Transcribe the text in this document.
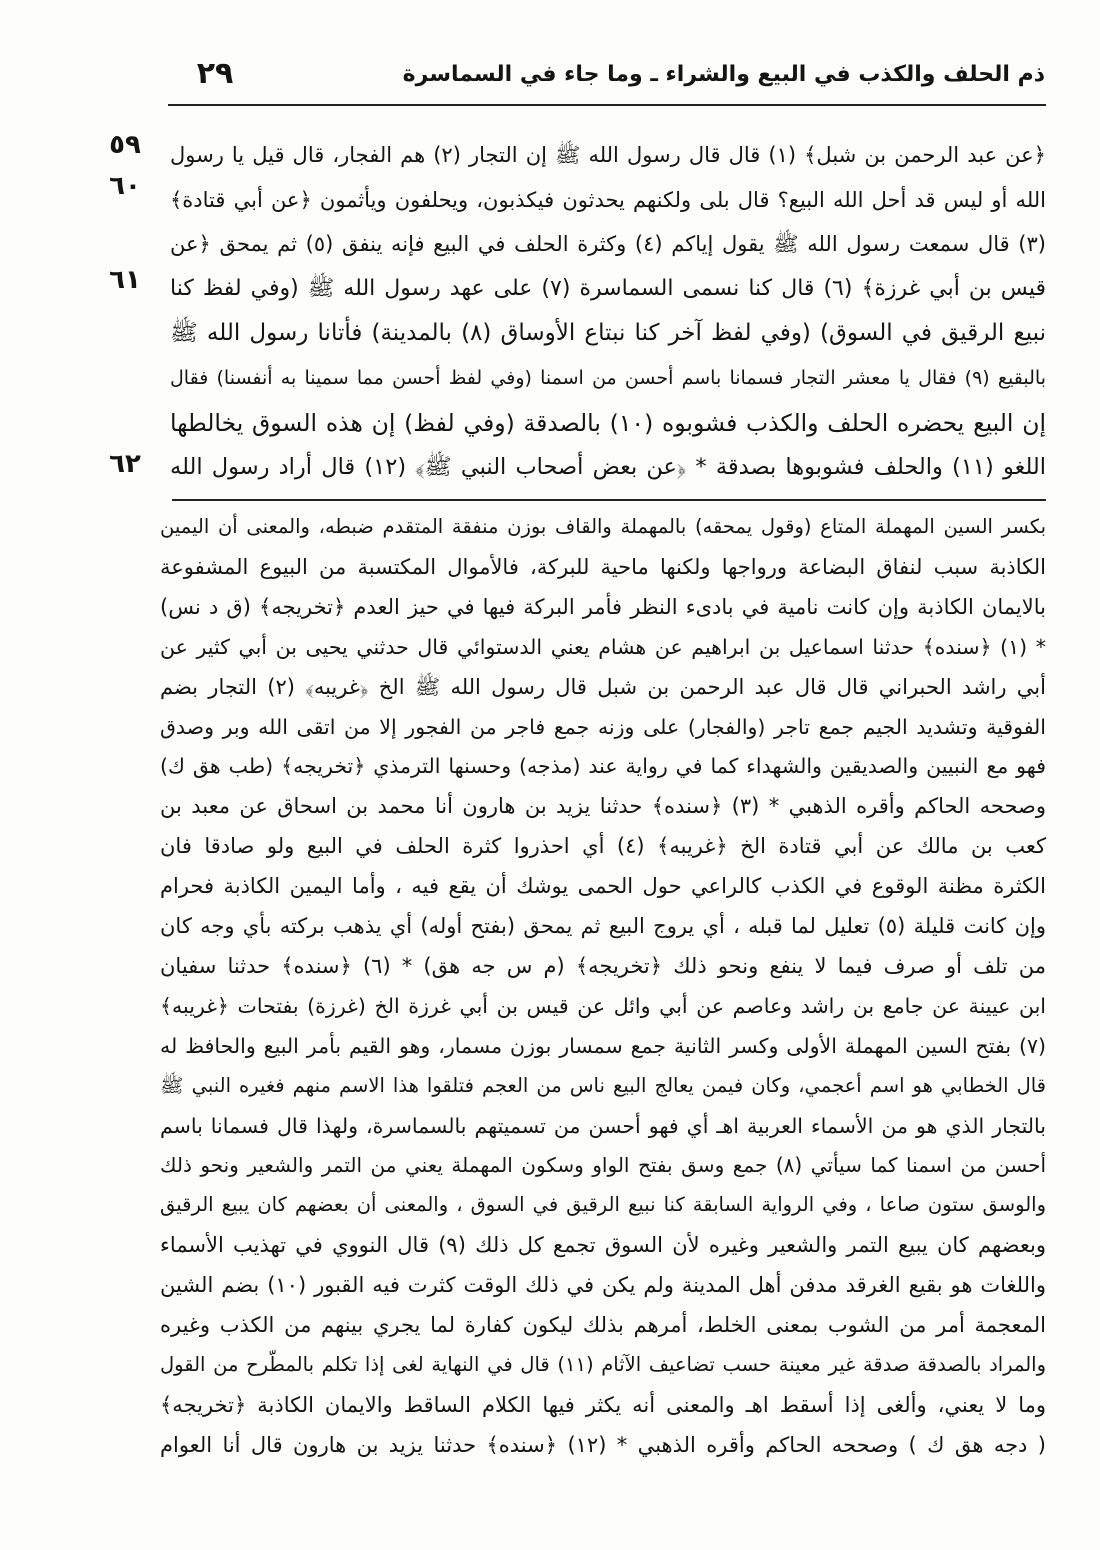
٢٩	ذم الحلف والكذب في البيع والشراء ـ وما جاء في السماسرة
٥٩
٦٠
٦١
٦٢
﴿عن عبد الرحمن بن شبل﴾ (١) قال قال رسول الله ﷺ إن التجار (٢) هم الفجار، قال قيل يا رسول
الله أو ليس قد أحل الله البيع؟ قال بلى ولكنهم يحدثون فيكذبون، ويحلفون ويأثمون ﴿عن أبي قتادة﴾
(٣) قال سمعت رسول الله ﷺ يقول إياكم (٤) وكثرة الحلف في البيع فإنه ينفق (٥) ثم يمحق ﴿عن
قيس بن أبي غرزة﴾ (٦) قال كنا نسمى السماسرة (٧) على عهد رسول الله ﷺ (وفي لفظ كنا
نبيع الرقيق في السوق) (وفي لفظ آخر كنا نبتاع الأوساق (٨) بالمدينة) فأتانا رسول الله ﷺ
بالبقيع (٩) فقال يا معشر التجار فسمانا باسم أحسن من اسمنا (وفي لفظ أحسن مما سمينا به أنفسنا) فقال
إن البيع يحضره الحلف والكذب فشوبوه (١٠) بالصدقة (وفي لفظ) إن هذه السوق يخالطها
اللغو (١١) والحلف فشوبوها بصدقة * ﴿عن بعض أصحاب النبي ﷺ﴾ (١٢) قال أراد رسول الله
بكسر السين المهملة المتاع (وقول يمحقه) بالمهملة والقاف بوزن منفقة المتقدم ضبطه، والمعنى أن اليمين
الكاذبة سبب لنفاق البضاعة ورواجها ولكنها ماحية للبركة، فالأموال المكتسبة من البيوع المشفوعة
بالايمان الكاذبة وإن كانت نامية في بادىء النظر فأمر البركة فيها في حيز العدم ﴿تخريجه﴾ (ق د نس)
* (١) ﴿سنده﴾ حدثنا اسماعيل بن ابراهيم عن هشام يعني الدستوائي قال حدثني يحيى بن أبي كثير عن
أبي راشد الحبراني قال قال عبد الرحمن بن شبل قال رسول الله ﷺ الخ ﴿غريبه﴾ (٢) التجار بضم
الفوقية وتشديد الجيم جمع تاجر (والفجار) على وزنه جمع فاجر من الفجور إلا من اتقى الله وبر وصدق
فهو مع النبيين والصديقين والشهداء كما في رواية عند (مذجه) وحسنها الترمذي ﴿تخريجه﴾ (طب هق ك)
وصححه الحاكم وأقره الذهبي * (٣) ﴿سنده﴾ حدثنا يزيد بن هارون أنا محمد بن اسحاق عن معبد بن
كعب بن مالك عن أبي قتادة الخ ﴿غريبه﴾ (٤) أي احذروا كثرة الحلف في البيع ولو صادقا فان
الكثرة مظنة الوقوع في الكذب كالراعي حول الحمى يوشك أن يقع فيه ، وأما اليمين الكاذبة فحرام
وإن كانت قليلة (٥) تعليل لما قبله ، أي يروج البيع ثم يمحق (بفتح أوله) أي يذهب بركته بأي وجه كان
من تلف أو صرف فيما لا ينفع ونحو ذلك ﴿تخريجه﴾ (م س جه هق) * (٦) ﴿سنده﴾ حدثنا سفيان
ابن عيينة عن جامع بن راشد وعاصم عن أبي وائل عن قيس بن أبي غرزة الخ (غرزة) بفتحات ﴿غريبه﴾
(٧) بفتح السين المهملة الأولى وكسر الثانية جمع سمسار بوزن مسمار، وهو القيم بأمر البيع والحافظ له
قال الخطابي هو اسم أعجمي، وكان فيمن يعالج البيع ناس من العجم فتلقوا هذا الاسم منهم فغيره النبي ﷺ
بالتجار الذي هو من الأسماء العربية اهـ أي فهو أحسن من تسميتهم بالسماسرة، ولهذا قال فسمانا باسم
أحسن من اسمنا كما سيأتي (٨) جمع وسق بفتح الواو وسكون المهملة يعني من التمر والشعير ونحو ذلك
والوسق ستون صاعا ، وفي الرواية السابقة كنا نبيع الرقيق في السوق ، والمعنى أن بعضهم كان يبيع الرقيق
وبعضهم كان يبيع التمر والشعير وغيره لأن السوق تجمع كل ذلك (٩) قال النووي في تهذيب الأسماء
واللغات هو بقيع الغرقد مدفن أهل المدينة ولم يكن في ذلك الوقت كثرت فيه القبور (١٠) بضم الشين
المعجمة أمر من الشوب بمعنى الخلط، أمرهم بذلك ليكون كفارة لما يجري بينهم من الكذب وغيره
والمراد بالصدقة صدقة غير معينة حسب تضاعيف الآثام (١١) قال في النهاية لغى إذا تكلم بالمطّرح من القول
وما لا يعني، وألغى إذا أسقط اهـ والمعنى أنه يكثر فيها الكلام الساقط والايمان الكاذبة ﴿تخريجه﴾
( دجه هق ك ) وصححه الحاكم وأقره الذهبي * (١٢) ﴿سنده﴾ حدثنا يزيد بن هارون قال أنا العوام
